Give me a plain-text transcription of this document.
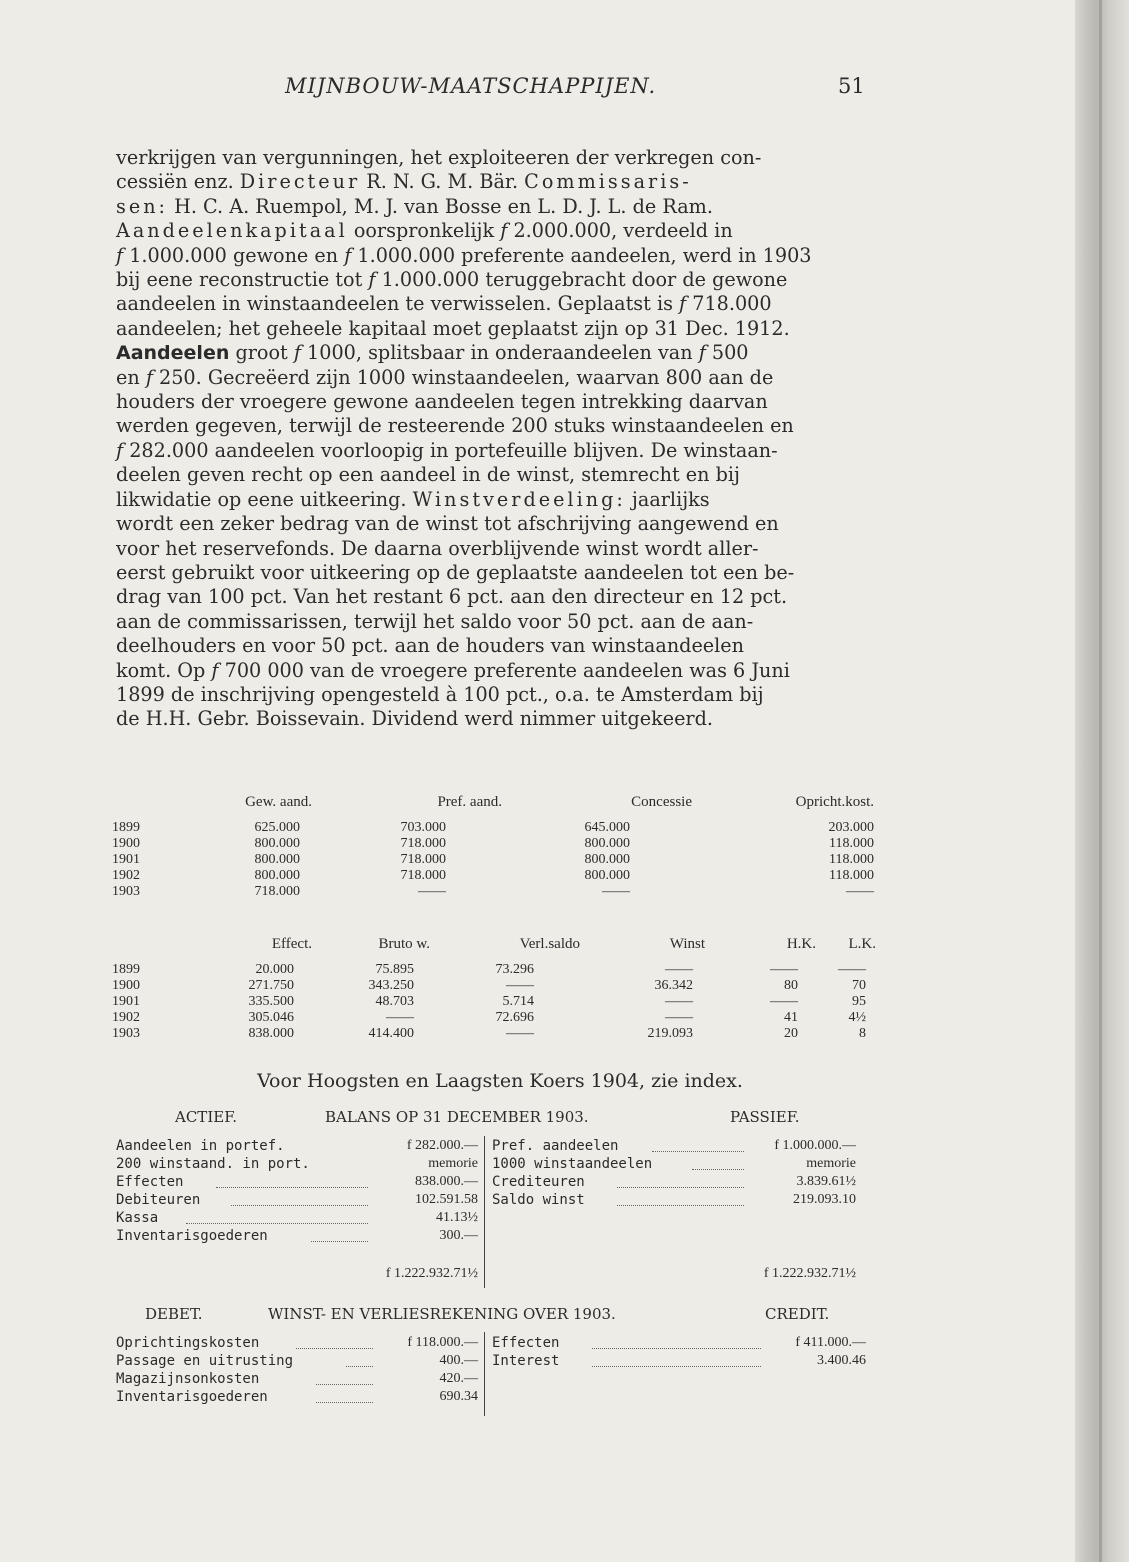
MIJNBOUW-MAATSCHAPPIJEN.	51

verkrijgen van vergunningen, het exploiteeren der verkregen con-

cessiën enz. Directeur R. N. G. M. Bär. Commissaris-

sen: H. C. A. Ruempol, M. J. van Bosse en L. D. J. L. de Ram.

Aandeelenkapitaal oorspronkelijk f 2.000.000, verdeeld in

f 1.000.000 gewone en f 1.000.000 preferente aandeelen, werd in 1903

bij eene reconstructie tot f 1.000.000 teruggebracht door de gewone

aandeelen in winstaandeelen te verwisselen. Geplaatst is f 718.000

aandeelen; het geheele kapitaal moet geplaatst zijn op 31 Dec. 1912.

Aandeelen groot f 1000, splitsbaar in onderaandeelen van f 500

en f 250. Gecreëerd zijn 1000 winstaandeelen, waarvan 800 aan de

houders der vroegere gewone aandeelen tegen intrekking daarvan

werden gegeven, terwijl de resteerende 200 stuks winstaandeelen en

f 282.000 aandeelen voorloopig in portefeuille blijven. De winstaan-

deelen geven recht op een aandeel in de winst, stemrecht en bij

likwidatie op eene uitkeering. Winstverdeeling: jaarlijks

wordt een zeker bedrag van de winst tot afschrijving aangewend en

voor het reservefonds. De daarna overblijvende winst wordt aller-

eerst gebruikt voor uitkeering op de geplaatste aandeelen tot een be-

drag van 100 pct. Van het restant 6 pct. aan den directeur en 12 pct.

aan de commissarissen, terwijl het saldo voor 50 pct. aan de aan-

deelhouders en voor 50 pct. aan de houders van winstaandeelen

komt. Op f 700 000 van de vroegere preferente aandeelen was 6 Juni

1899 de inschrijving opengesteld à 100 pct., o.a. te Amsterdam bij

de H.H. Gebr. Boissevain. Dividend werd nimmer uitgekeerd.

	Gew. aand.	Pref. aand.	Concessie	Opricht.kost.
1899	625.000	703.000	645.000	203.000
1900	800.000	718.000	800.000	118.000
1901	800.000	718.000	800.000	118.000
1902	800.000	718.000	800.000	118.000
1903	718.000	——	——	——
	Effect.	Bruto w.	Verl.saldo	Winst	H.K.	L.K.
1899	20.000	75.895	73.296	——	——	——
1900	271.750	343.250	——	36.342	80	70
1901	335.500	48.703	5.714	——	——	95
1902	305.046	——	72.696	——	41	4½
1903	838.000	414.400	——	219.093	20	8
Voor Hoogsten en Laagsten Koers 1904, zie index.
ACTIEF.	BALANS OP 31 DECEMBER 1903.	PASSIEF.
Aandeelen in portef.	f 282.000.—
200 winstaand. in port.	memorie
Effecten	838.000.—
Debiteuren	102.591.58
Kassa	41.13½
Inventarisgoederen	300.—
f 1.222.932.71½
Pref. aandeelen	f 1.000.000.—
1000 winstaandeelen	memorie
Crediteuren	3.839.61½
Saldo winst	219.093.10
f 1.222.932.71½
DEBET.	WINST- EN VERLIESREKENING OVER 1903.	CREDIT.
Oprichtingskosten	f 118.000.—
Passage en uitrusting	400.—
Magazijnsonkosten	420.—
Inventarisgoederen	690.34
Effecten	f 411.000.—
Interest	3.400.46
